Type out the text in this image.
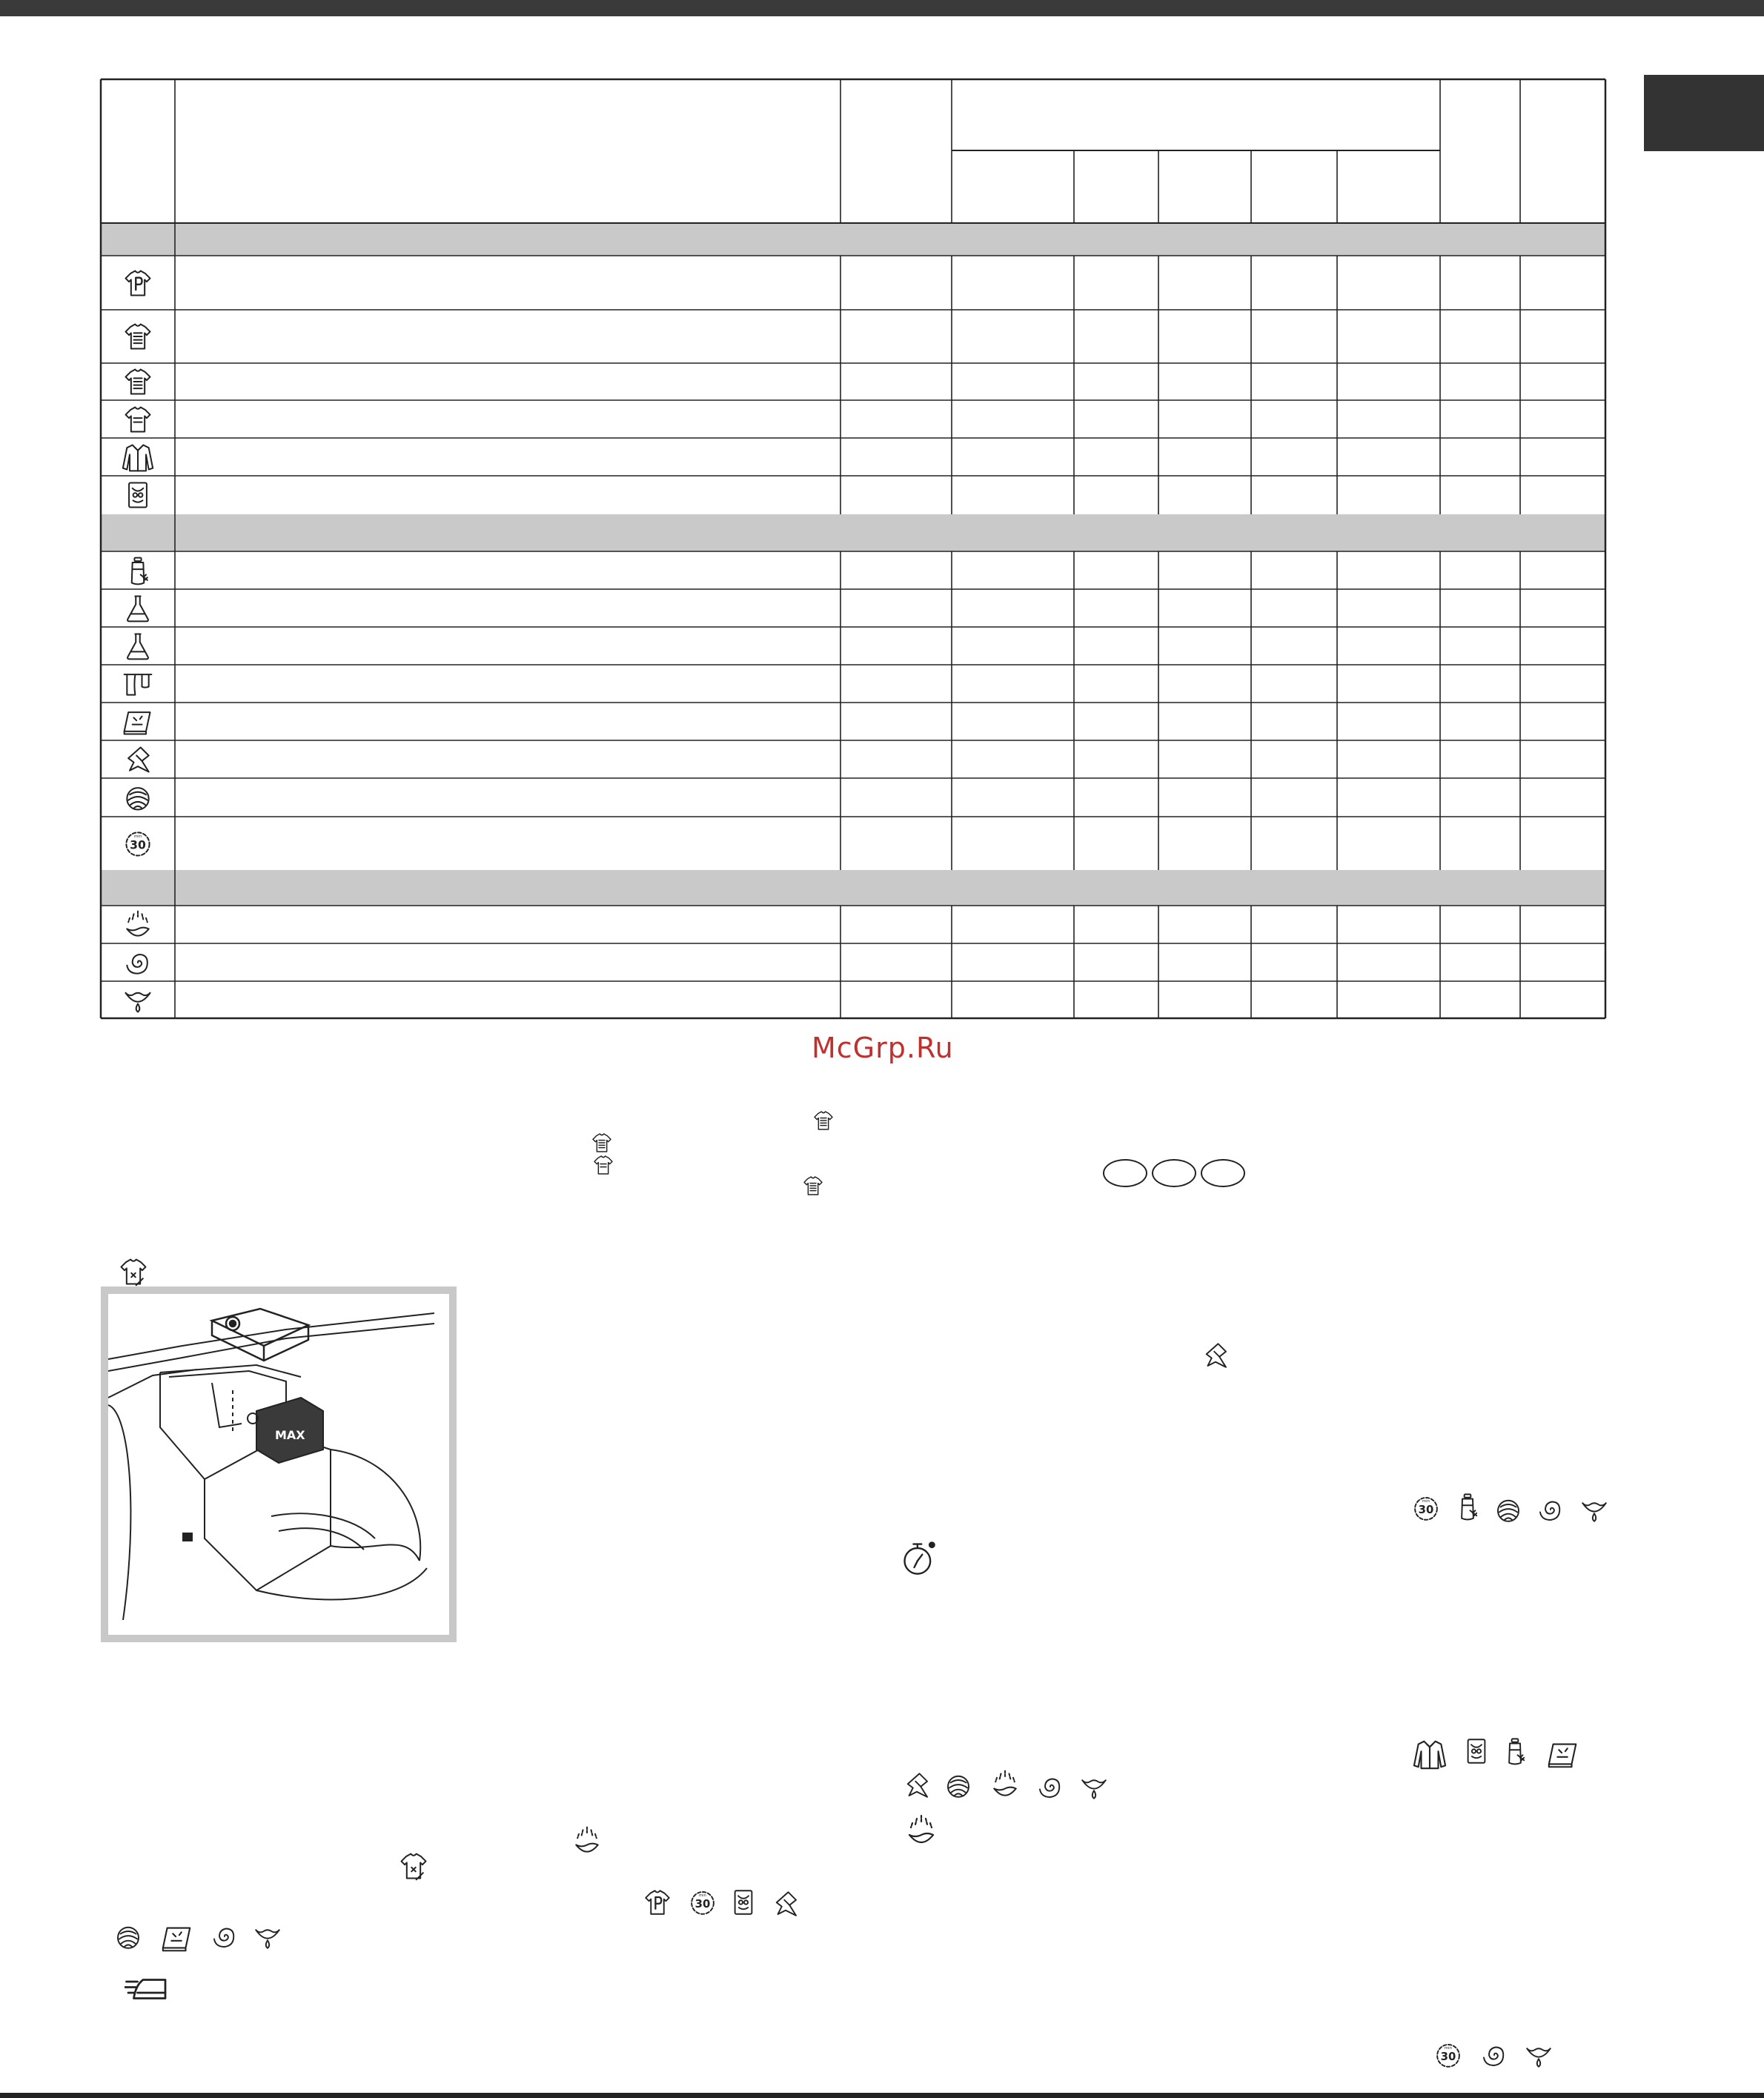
30
min
McGrp.Ru
MAX
30
min
30
min
30
min
